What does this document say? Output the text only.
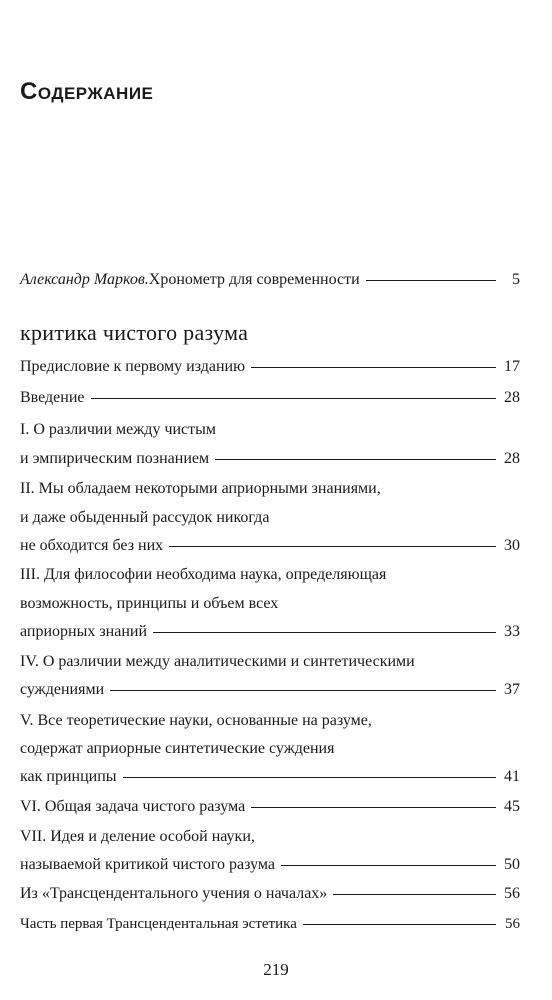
Содержание
Александр Марков. Хронометр для современности	5
критика чистого разума
Предисловие к первому изданию	17
Введение	28
I. О различии между чистым
и эмпирическим познанием	28
II. Мы обладаем некоторыми априорными знаниями,
и даже обыденный рассудок никогда
не обходится без них	30
III. Для философии необходима наука, определяющая
возможность, принципы и объем всех
априорных знаний	33
IV. О различии между аналитическими и синтетическими
суждениями	37
V. Все теоретические науки, основанные на разуме,
содержат априорные синтетические суждения
как принципы	41
VI. Общая задача чистого разума	45
VII. Идея и деление особой науки,
называемой критикой чистого разума	50
Из «Трансцендентального учения о началах»	56
Часть первая Трансцендентальная эстетика	56
219
